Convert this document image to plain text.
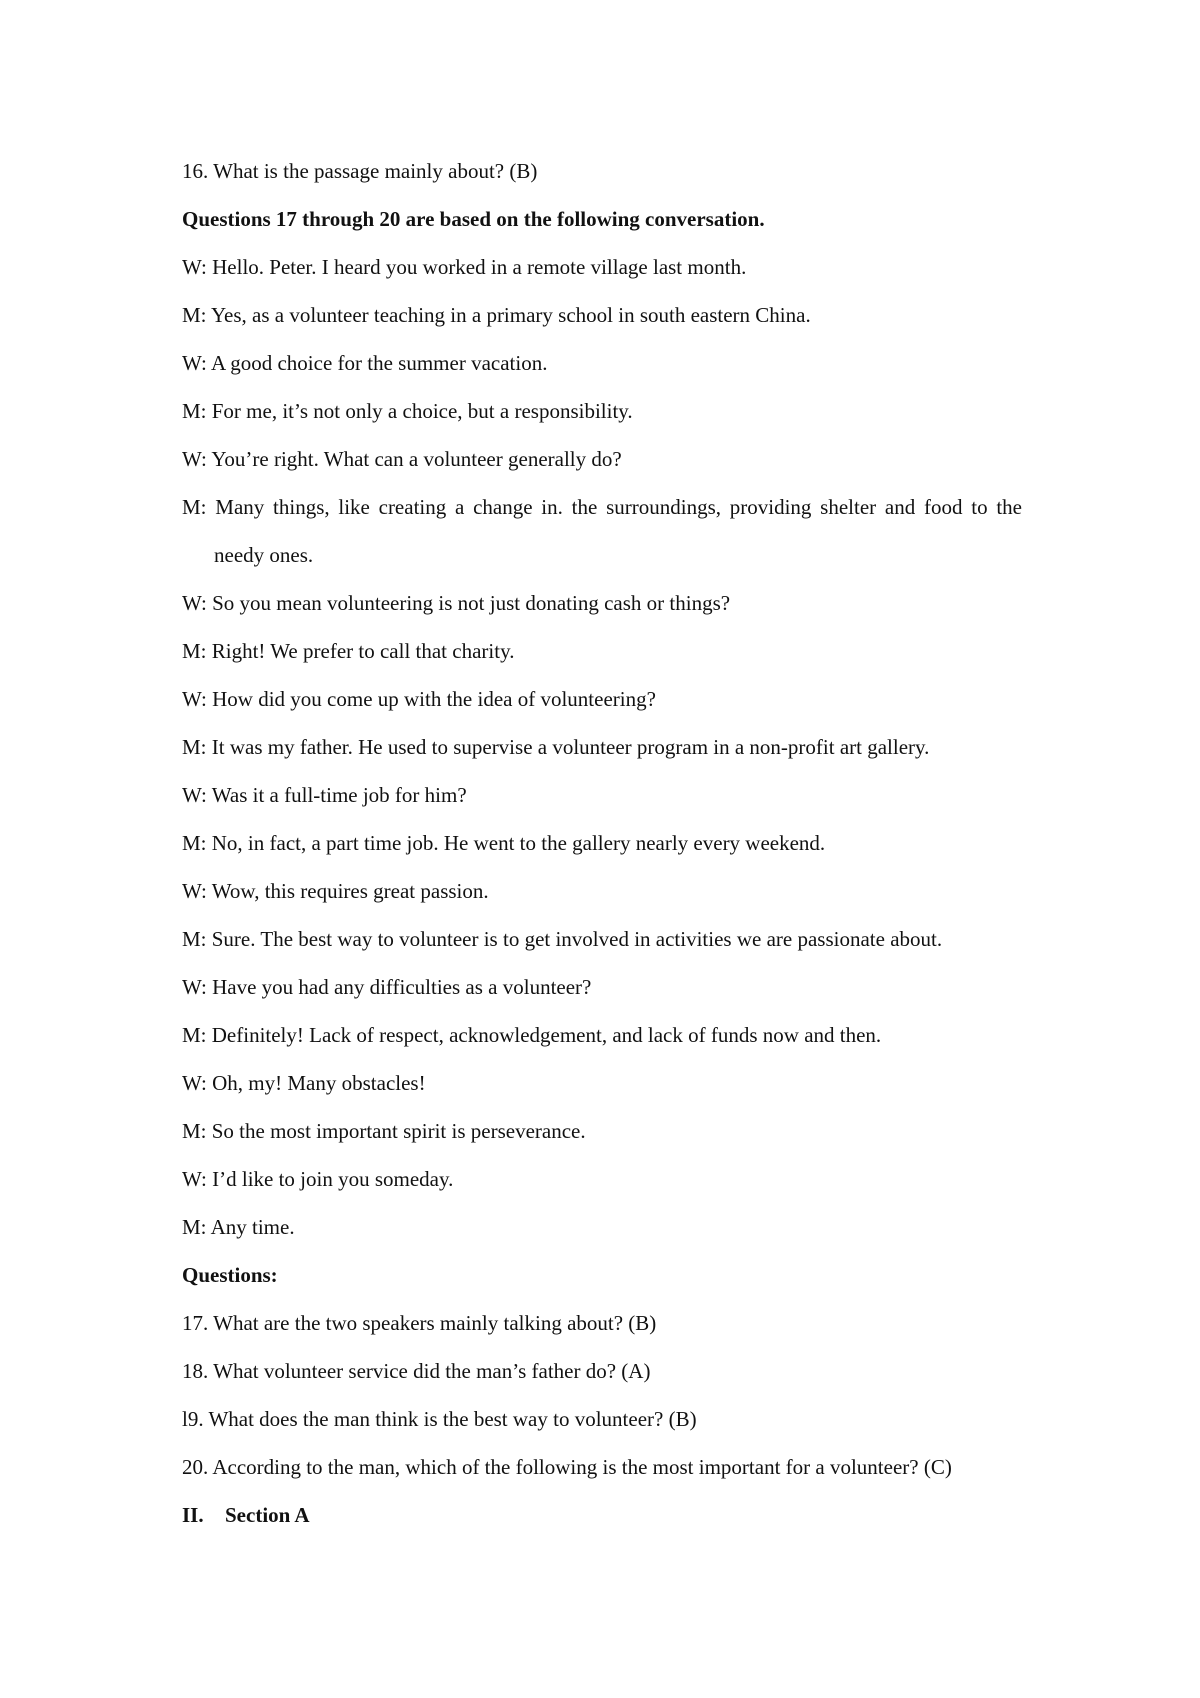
16. What is the passage mainly about? (B)
Questions 17 through 20 are based on the following conversation.
W: Hello. Peter. I heard you worked in a remote village last month.
M: Yes, as a volunteer teaching in a primary school in south eastern China.
W: A good choice for the summer vacation.
M: For me, it’s not only a choice, but a responsibility.
W: You’re right. What can a volunteer generally do?
M: Many things, like creating a change in. the surroundings, providing shelter and food to the
needy ones.
W: So you mean volunteering is not just donating cash or things?
M: Right! We prefer to call that charity.
W: How did you come up with the idea of volunteering?
M: It was my father. He used to supervise a volunteer program in a non-profit art gallery.
W: Was it a full-time job for him?
M: No, in fact, a part time job. He went to the gallery nearly every weekend.
W: Wow, this requires great passion.
M: Sure. The best way to volunteer is to get involved in activities we are passionate about.
W: Have you had any difficulties as a volunteer?
M: Definitely! Lack of respect, acknowledgement, and lack of funds now and then.
W: Oh, my! Many obstacles!
M: So the most important spirit is perseverance.
W: I’d like to join you someday.
M: Any time.
Questions:
17. What are the two speakers mainly talking about? (B)
18. What volunteer service did the man’s father do? (A)
l9. What does the man think is the best way to volunteer? (B)
20. According to the man, which of the following is the most important for a volunteer? (C)
II. Section A
